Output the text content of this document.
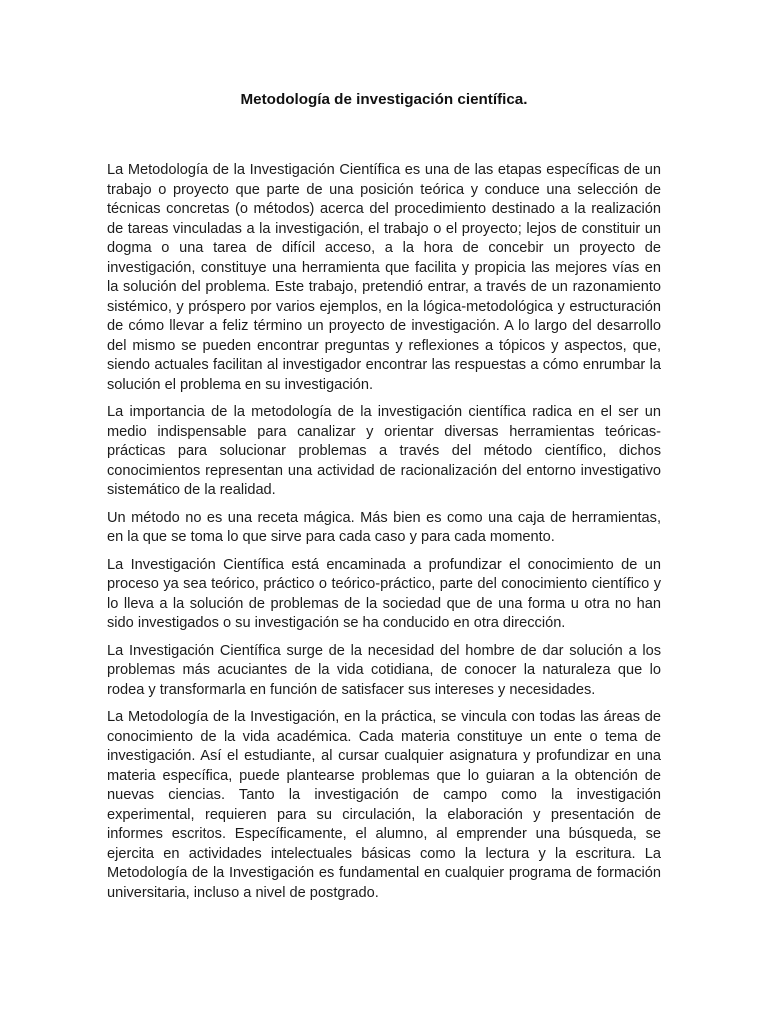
Metodología de investigación científica.

La Metodología de la Investigación Científica es una de las etapas específicas de un trabajo o proyecto que parte de una posición teórica y conduce una selección de técnicas concretas (o métodos) acerca del procedimiento destinado a la realización de tareas vinculadas a la investigación, el trabajo o el proyecto; lejos de constituir un dogma o una tarea de difícil acceso, a la hora de concebir un proyecto de investigación, constituye una herramienta que facilita y propicia las mejores vías en la solución del problema. Este trabajo, pretendió entrar, a través de un razonamiento sistémico, y próspero por varios ejemplos, en la lógica-metodológica y estructuración de cómo llevar a feliz término un proyecto de investigación. A lo largo del desarrollo del mismo se pueden encontrar preguntas y reflexiones a tópicos y aspectos, que, siendo actuales facilitan al investigador encontrar las respuestas a cómo enrumbar la solución el problema en su investigación.

La importancia de la metodología de la investigación científica radica en el ser un medio indispensable para canalizar y orientar diversas herramientas teóricas-prácticas para solucionar problemas a través del método científico, dichos conocimientos representan una actividad de racionalización del entorno investigativo sistemático de la realidad.

Un método no es una receta mágica. Más bien es como una caja de herramientas, en la que se toma lo que sirve para cada caso y para cada momento.

La Investigación Científica está encaminada a profundizar el conocimiento de un proceso ya sea teórico, práctico o teórico-práctico, parte del conocimiento científico y lo lleva a la solución de problemas de la sociedad que de una forma u otra no han sido investigados o su investigación se ha conducido en otra dirección.

La Investigación Científica surge de la necesidad del hombre de dar solución a los problemas más acuciantes de la vida cotidiana, de conocer la naturaleza que lo rodea y transformarla en función de satisfacer sus intereses y necesidades.

La Metodología de la Investigación, en la práctica, se vincula con todas las áreas de conocimiento de la vida académica. Cada materia constituye un ente o tema de investigación. Así el estudiante, al cursar cualquier asignatura y profundizar en una materia específica, puede plantearse problemas que lo guiaran a la obtención de nuevas ciencias. Tanto la investigación de campo como la investigación experimental, requieren para su circulación, la elaboración y presentación de informes escritos. Específicamente, el alumno, al emprender una búsqueda, se ejercita en actividades intelectuales básicas como la lectura y la escritura. La Metodología de la Investigación es fundamental en cualquier programa de formación universitaria, incluso a nivel de postgrado.
